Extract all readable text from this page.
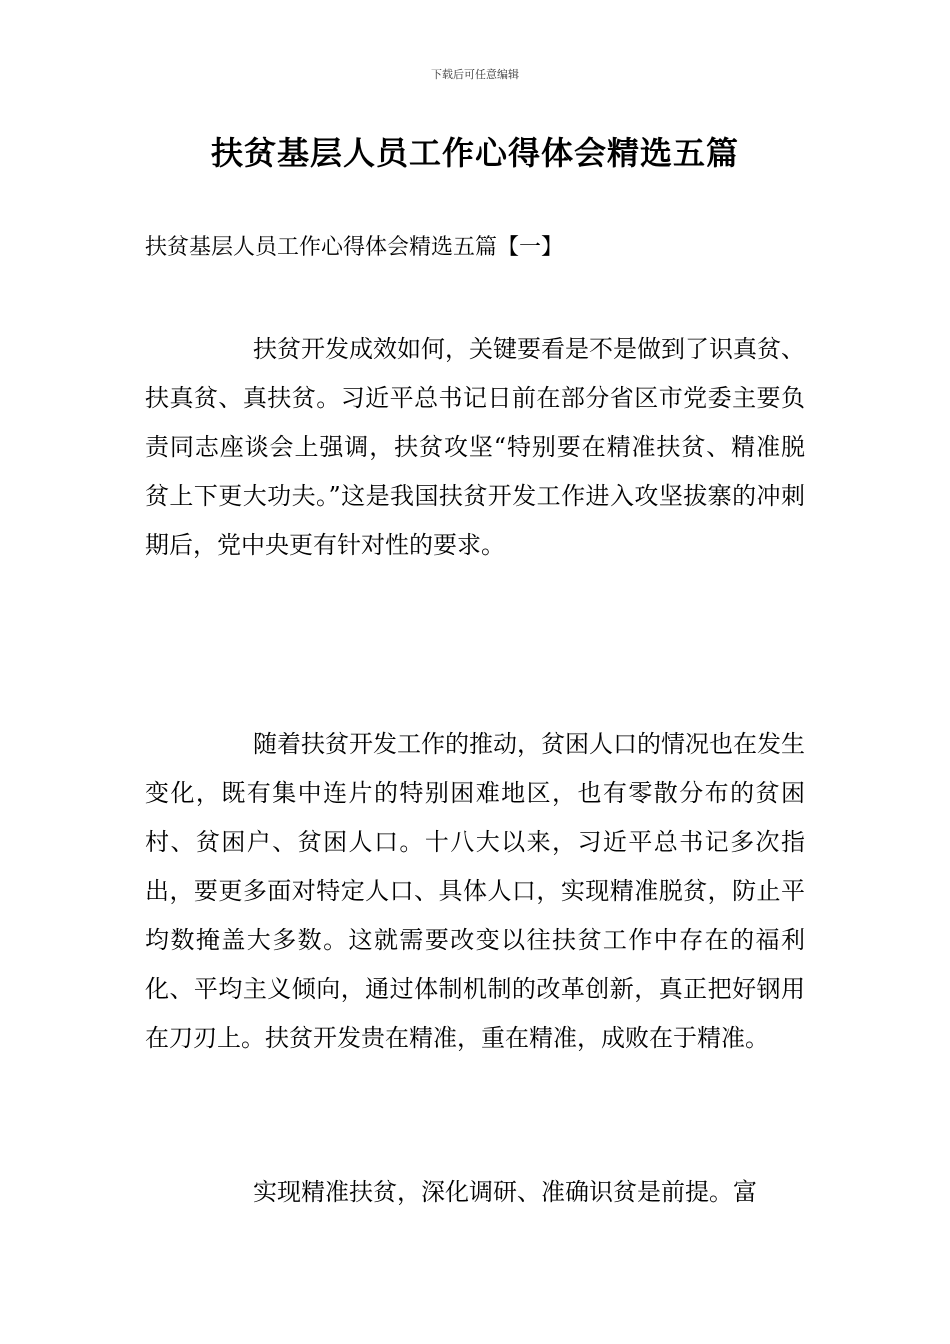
下载后可任意编辑
扶贫基层人员工作心得体会精选五篇
扶贫基层人员工作心得体会精选五篇【一】

扶贫开发成效如何，关键要看是不是做到了识真贫、扶真贫、真扶贫。习近平总书记日前在部分省区市党委主要负责同志座谈会上强调，扶贫攻坚“特别要在精准扶贫、精准脱贫上下更大功夫。”这是我国扶贫开发工作进入攻坚拔寨的冲刺期后，党中央更有针对性的要求。

随着扶贫开发工作的推动，贫困人口的情况也在发生变化，既有集中连片的特别困难地区，也有零散分布的贫困村、贫困户、贫困人口。十八大以来，习近平总书记多次指出，要更多面对特定人口、具体人口，实现精准脱贫，防止平均数掩盖大多数。这就需要改变以往扶贫工作中存在的福利化、平均主义倾向，通过体制机制的改革创新，真正把好钢用在刀刃上。扶贫开发贵在精准，重在精准，成败在于精准。

实现精准扶贫，深化调研、准确识贫是前提。富
